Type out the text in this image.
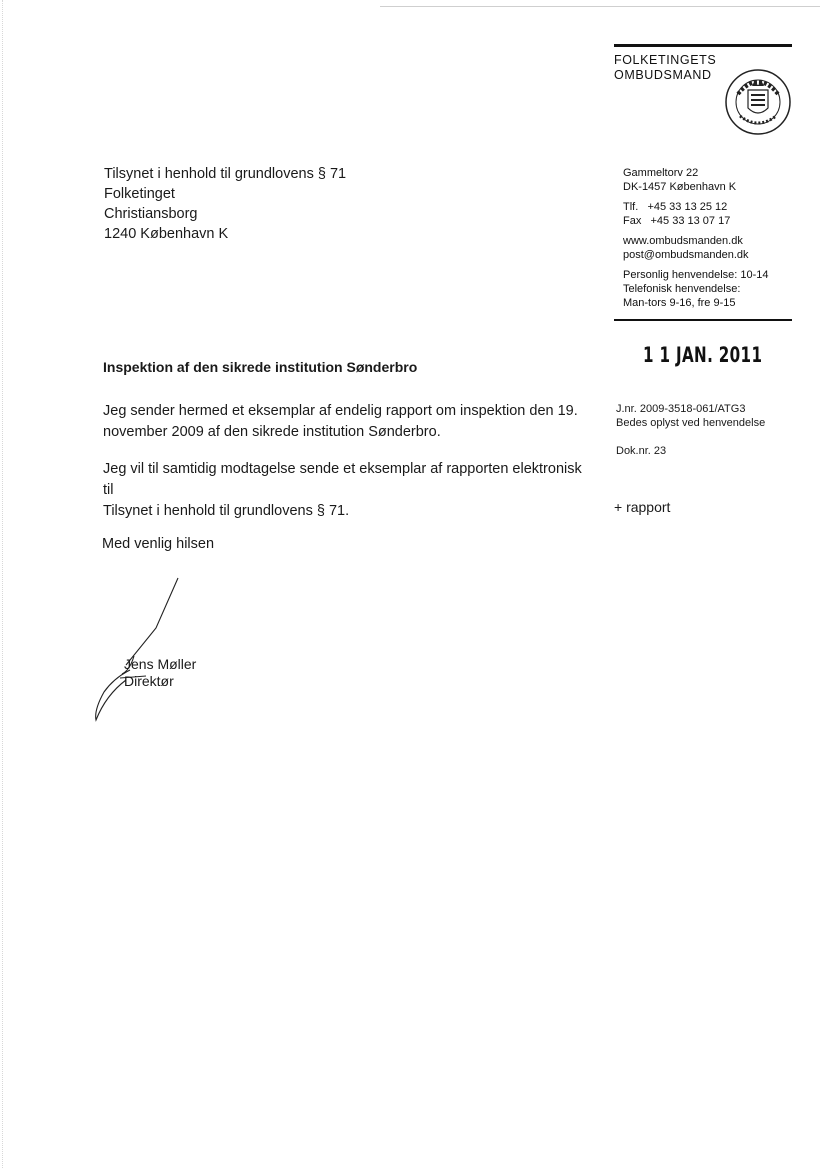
FOLKETINGETS
OMBUDSMAND
Tilsynet i henhold til grundlovens § 71
Folketinget
Christiansborg
1240 København K
Gammeltorv 22
DK-1457 København K
Tlf.   +45 33 13 25 12
Fax   +45 33 13 07 17
www.ombudsmanden.dk
post@ombudsmanden.dk
Personlig henvendelse: 10-14
Telefonisk henvendelse:
Man-tors 9-16, fre 9-15
1 1 JAN. 2011
Inspektion af den sikrede institution Sønderbro
Jeg sender hermed et eksemplar af endelig rapport om inspektion den 19.
november 2009 af den sikrede institution Sønderbro.
Jeg vil til samtidig modtagelse sende et eksemplar af rapporten elektronisk til
Tilsynet i henhold til grundlovens § 71.
J.nr. 2009-3518-061/ATG3
Bedes oplyst ved henvendelse
Dok.nr. 23
+ rapport
Med venlig hilsen
Jens Møller
Direktør
